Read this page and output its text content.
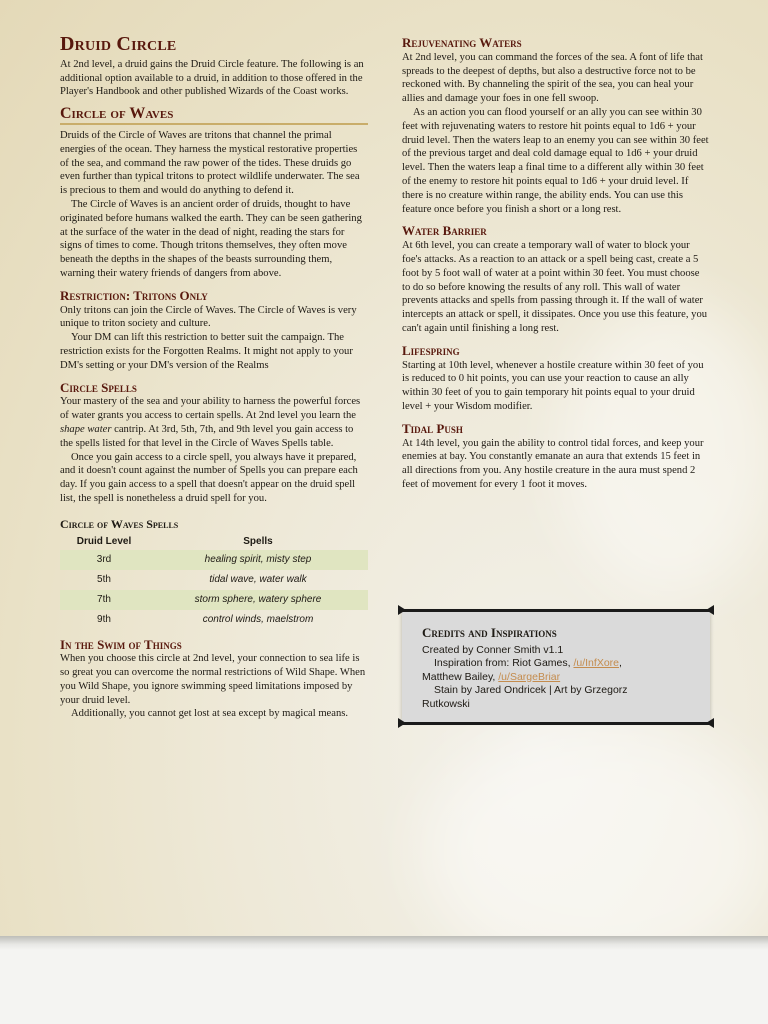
Druid Circle

At 2nd level, a druid gains the Druid Circle feature. The following is an additional option available to a druid, in addition to those offered in the Player's Handbook and other published Wizards of the Coast works.

Circle of Waves

Druids of the Circle of Waves are tritons that channel the primal energies of the ocean. They harness the mystical restorative properties of the sea, and command the raw power of the tides. These druids go even further than typical tritons to protect wildlife underwater. The sea is precious to them and would do anything to defend it.

The Circle of Waves is an ancient order of druids, thought to have originated before humans walked the earth. They can be seen gathering at the surface of the water in the dead of night, reading the stars for signs of times to come. Though tritons themselves, they often move beneath the depths in the shapes of the beasts surrounding them, warning their watery friends of dangers from above.

Restriction: Tritons Only

Only tritons can join the Circle of Waves. The Circle of Waves is very unique to triton society and culture.

Your DM can lift this restriction to better suit the campaign. The restriction exists for the Forgotten Realms. It might not apply to your DM's setting or your DM's version of the Realms

Circle Spells

Your mastery of the sea and your ability to harness the powerful forces of water grants you access to certain spells. At 2nd level you learn the shape water cantrip. At 3rd, 5th, 7th, and 9th level you gain access to the spells listed for that level in the Circle of Waves Spells table.

Once you gain access to a circle spell, you always have it prepared, and it doesn't count against the number of Spells you can prepare each day. If you gain access to a spell that doesn't appear on the druid spell list, the spell is nonetheless a druid spell for you.

Circle of Waves Spells
Druid Level	Spells
3rd	healing spirit, misty step
5th	tidal wave, water walk
7th	storm sphere, watery sphere
9th	control winds, maelstrom
In the Swim of Things

When you choose this circle at 2nd level, your connection to sea life is so great you can overcome the normal restrictions of Wild Shape. When you Wild Shape, you ignore swimming speed limitations imposed by your druid level.

Additionally, you cannot get lost at sea except by magical means.

Rejuvenating Waters

At 2nd level, you can command the forces of the sea. A font of life that spreads to the deepest of depths, but also a destructive force not to be reckoned with. By channeling the spirit of the sea, you can heal your allies and damage your foes in one fell swoop.

As an action you can flood yourself or an ally you can see within 30 feet with rejuvenating waters to restore hit points equal to 1d6 + your druid level. Then the waters leap to an enemy you can see within 30 feet of the previous target and deal cold damage equal to 1d6 + your druid level. Then the waters leap a final time to a different ally within 30 feet of the enemy to restore hit points equal to 1d6 + your druid level. If there is no creature within range, the ability ends. You can use this feature once before you finish a short or a long rest.

Water Barrier

At 6th level, you can create a temporary wall of water to block your foe's attacks. As a reaction to an attack or a spell being cast, create a 5 foot by 5 foot wall of water at a point within 30 feet. You must choose to do so before knowing the results of any roll. This wall of water prevents attacks and spells from passing through it. If the wall of water intercepts an attack or spell, it dissipates. Once you use this feature, you can't again until finishing a long rest.

Lifespring

Starting at 10th level, whenever a hostile creature within 30 feet of you is reduced to 0 hit points, you can use your reaction to cause an ally within 30 feet of you to gain temporary hit points equal to your druid level + your Wisdom modifier.

Tidal Push

At 14th level, you gain the ability to control tidal forces, and keep your enemies at bay. You constantly emanate an aura that extends 15 feet in all directions from you. Any hostile creature in the aura must spend 2 feet of movement for every 1 foot it moves.

Credits and Inspirations
Created by Conner Smith v1.1
Inspiration from: Riot Games, /u/InfXore,
Matthew Bailey, /u/SargeBriar
Stain by Jared Ondricek | Art by Grzegorz
Rutkowski
